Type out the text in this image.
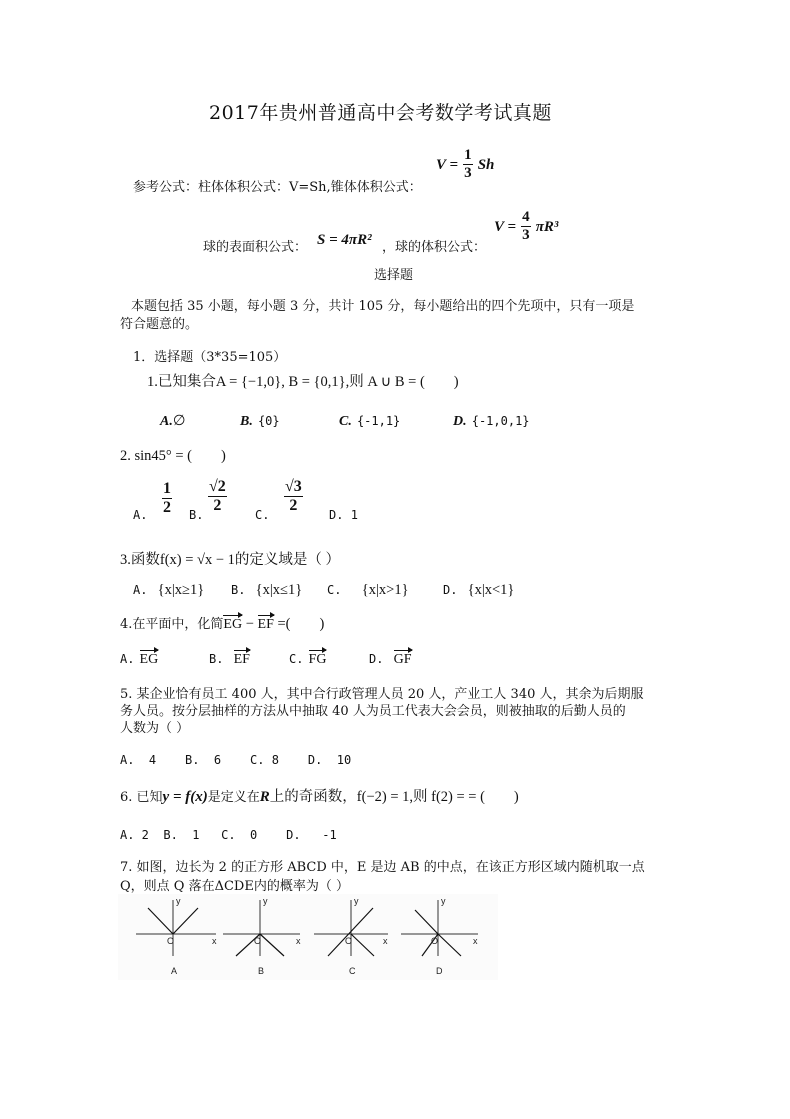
2017年贵州普通高中会考数学考试真题
参考公式：柱体体积公式：V=Sh,锥体体积公式：
$V = \frac{1}{3}$ Sh
球的表面积公式： S = 4πR² ，球的体积公式：
$V = \frac{4}{3} \pi R^3$
选择题
本题包括 35 小题，每小题 3 分，共计 105 分，每小题给出的四个先项中，只有一项是
符合题意的。
1．选择题（3*35=105）
1.已知集合A = {−1,0}, B = {0,1},则 A ∪ B = (　　)
A.∅	B. {0}	C. {-1,1}	D. {-1,0,1}
2. sin45° = (　　)
A. $\frac{1}{2} B$.
$\frac{√2}{2}$
C.
$\frac{√3}{2}$
D. 1
3.函数f(x) = √x − 1的定义域是（ ）
A. {x|x≥1} B. {x|x≤1} C. {x|x>1}	D. {x|x<1}
4.在平面中，化简EG − EF =(　　)
A. EG	B. EF	C. FG	D. GF
5. 某企业恰有员工 400 人，其中合行政管理人员 20 人，产业工人 340 人，其余为后期服
务人员。按分层抽样的方法从中抽取 40 人为员工代表大会会员，则被抽取的后勤人员的
人数为（ ）
A.  4    B.  6    C. 8    D.  10
6. 已知y = f(x)是定义在R上的奇函数，f(−2) = 1,则 f(2) = = (　　)
A. 2  B.  1   C.  0    D.   -1
7. 如图，边长为 2 的正方形 ABCD 中，E 是边 AB 的中点，在该正方形区域内随机取一点
Q，则点 Q 落在ΔCDE内的概率为（ ）
y
x
O
A
y
x
O
B
y
x
O
C
y
x
O
D
